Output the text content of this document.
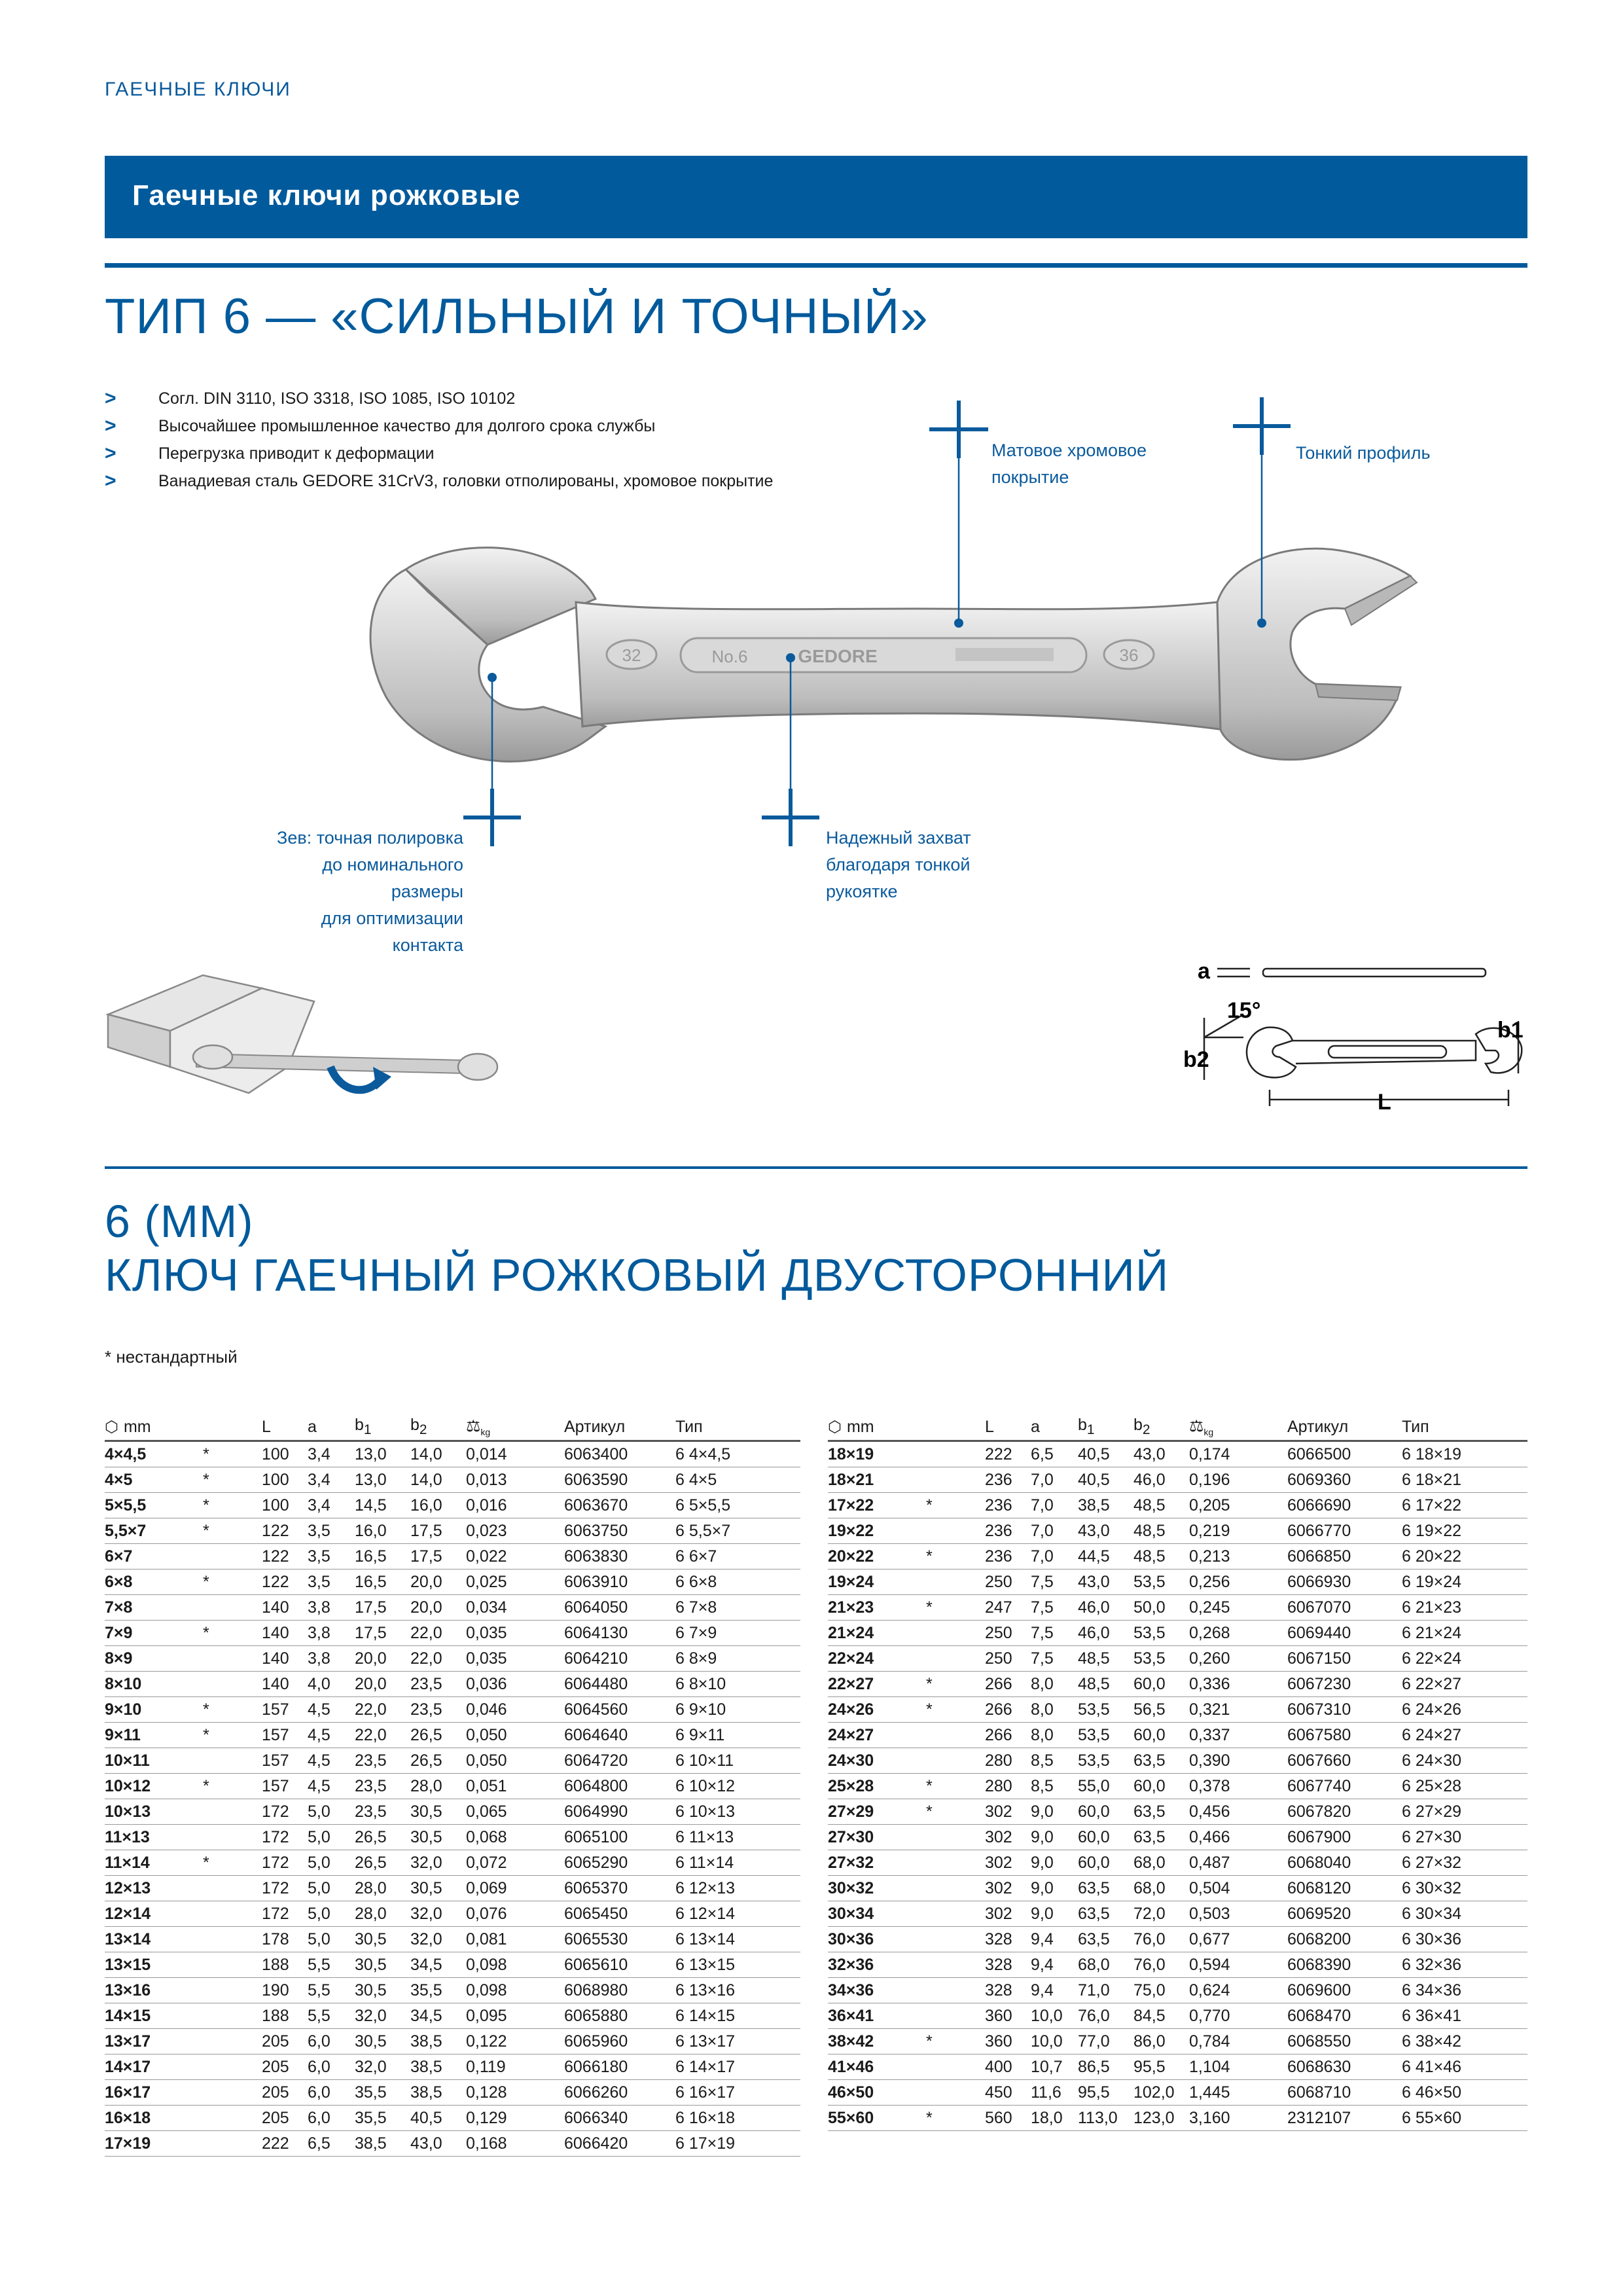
ГАЕЧНЫЕ КЛЮЧИ
Гаечные ключи рожковые
ТИП 6 — «СИЛЬНЫЙ И ТОЧНЫЙ»
>	Согл. DIN 3110, ISO 3318, ISO 1085, ISO 10102
>	Высочайшее промышленное качество для долгого срока службы
>	Перегрузка приводит к деформации
>	Ванадиевая сталь GEDORE 31CrV3, головки отполированы, хромовое покрытие
32	36
No.6	GEDORE
Матовое хромовое
покрытие
Тонкий профиль
Зев: точная полировка
до номинального размеры
для оптимизации контакта
Надежный захват
благодаря тонкой
рукоятке
a
15°
b1
b2
L
6 (ММ)
КЛЮЧ ГАЕЧНЫЙ РОЖКОВЫЙ ДВУСТОРОННИЙ
* нестандартный
⬡ mm		L	a	$b_1$	$b_2$	$⚖_{kg}$	Артикул	Тип
4×4,5	*	100	3,4	13,0	14,0	0,014	6063400	6 4×4,5
4×5	*	100	3,4	13,0	14,0	0,013	6063590	6 4×5
5×5,5	*	100	3,4	14,5	16,0	0,016	6063670	6 5×5,5
5,5×7	*	122	3,5	16,0	17,5	0,023	6063750	6 5,5×7
6×7		122	3,5	16,5	17,5	0,022	6063830	6 6×7
6×8	*	122	3,5	16,5	20,0	0,025	6063910	6 6×8
7×8		140	3,8	17,5	20,0	0,034	6064050	6 7×8
7×9	*	140	3,8	17,5	22,0	0,035	6064130	6 7×9
8×9		140	3,8	20,0	22,0	0,035	6064210	6 8×9
8×10		140	4,0	20,0	23,5	0,036	6064480	6 8×10
9×10	*	157	4,5	22,0	23,5	0,046	6064560	6 9×10
9×11	*	157	4,5	22,0	26,5	0,050	6064640	6 9×11
10×11		157	4,5	23,5	26,5	0,050	6064720	6 10×11
10×12	*	157	4,5	23,5	28,0	0,051	6064800	6 10×12
10×13		172	5,0	23,5	30,5	0,065	6064990	6 10×13
11×13		172	5,0	26,5	30,5	0,068	6065100	6 11×13
11×14	*	172	5,0	26,5	32,0	0,072	6065290	6 11×14
12×13		172	5,0	28,0	30,5	0,069	6065370	6 12×13
12×14		172	5,0	28,0	32,0	0,076	6065450	6 12×14
13×14		178	5,0	30,5	32,0	0,081	6065530	6 13×14
13×15		188	5,5	30,5	34,5	0,098	6065610	6 13×15
13×16		190	5,5	30,5	35,5	0,098	6068980	6 13×16
14×15		188	5,5	32,0	34,5	0,095	6065880	6 14×15
13×17		205	6,0	30,5	38,5	0,122	6065960	6 13×17
14×17		205	6,0	32,0	38,5	0,119	6066180	6 14×17
16×17		205	6,0	35,5	38,5	0,128	6066260	6 16×17
16×18		205	6,0	35,5	40,5	0,129	6066340	6 16×18
17×19		222	6,5	38,5	43,0	0,168	6066420	6 17×19
⬡ mm		L	a	$b_1$	$b_2$	$⚖_{kg}$	Артикул	Тип
18×19		222	6,5	40,5	43,0	0,174	6066500	6 18×19
18×21		236	7,0	40,5	46,0	0,196	6069360	6 18×21
17×22	*	236	7,0	38,5	48,5	0,205	6066690	6 17×22
19×22		236	7,0	43,0	48,5	0,219	6066770	6 19×22
20×22	*	236	7,0	44,5	48,5	0,213	6066850	6 20×22
19×24		250	7,5	43,0	53,5	0,256	6066930	6 19×24
21×23	*	247	7,5	46,0	50,0	0,245	6067070	6 21×23
21×24		250	7,5	46,0	53,5	0,268	6069440	6 21×24
22×24		250	7,5	48,5	53,5	0,260	6067150	6 22×24
22×27	*	266	8,0	48,5	60,0	0,336	6067230	6 22×27
24×26	*	266	8,0	53,5	56,5	0,321	6067310	6 24×26
24×27		266	8,0	53,5	60,0	0,337	6067580	6 24×27
24×30		280	8,5	53,5	63,5	0,390	6067660	6 24×30
25×28	*	280	8,5	55,0	60,0	0,378	6067740	6 25×28
27×29	*	302	9,0	60,0	63,5	0,456	6067820	6 27×29
27×30		302	9,0	60,0	63,5	0,466	6067900	6 27×30
27×32		302	9,0	60,0	68,0	0,487	6068040	6 27×32
30×32		302	9,0	63,5	68,0	0,504	6068120	6 30×32
30×34		302	9,0	63,5	72,0	0,503	6069520	6 30×34
30×36		328	9,4	63,5	76,0	0,677	6068200	6 30×36
32×36		328	9,4	68,0	76,0	0,594	6068390	6 32×36
34×36		328	9,4	71,0	75,0	0,624	6069600	6 34×36
36×41		360	10,0	76,0	84,5	0,770	6068470	6 36×41
38×42	*	360	10,0	77,0	86,0	0,784	6068550	6 38×42
41×46		400	10,7	86,5	95,5	1,104	6068630	6 41×46
46×50		450	11,6	95,5	102,0	1,445	6068710	6 46×50
55×60	*	560	18,0	113,0	123,0	3,160	2312107	6 55×60
